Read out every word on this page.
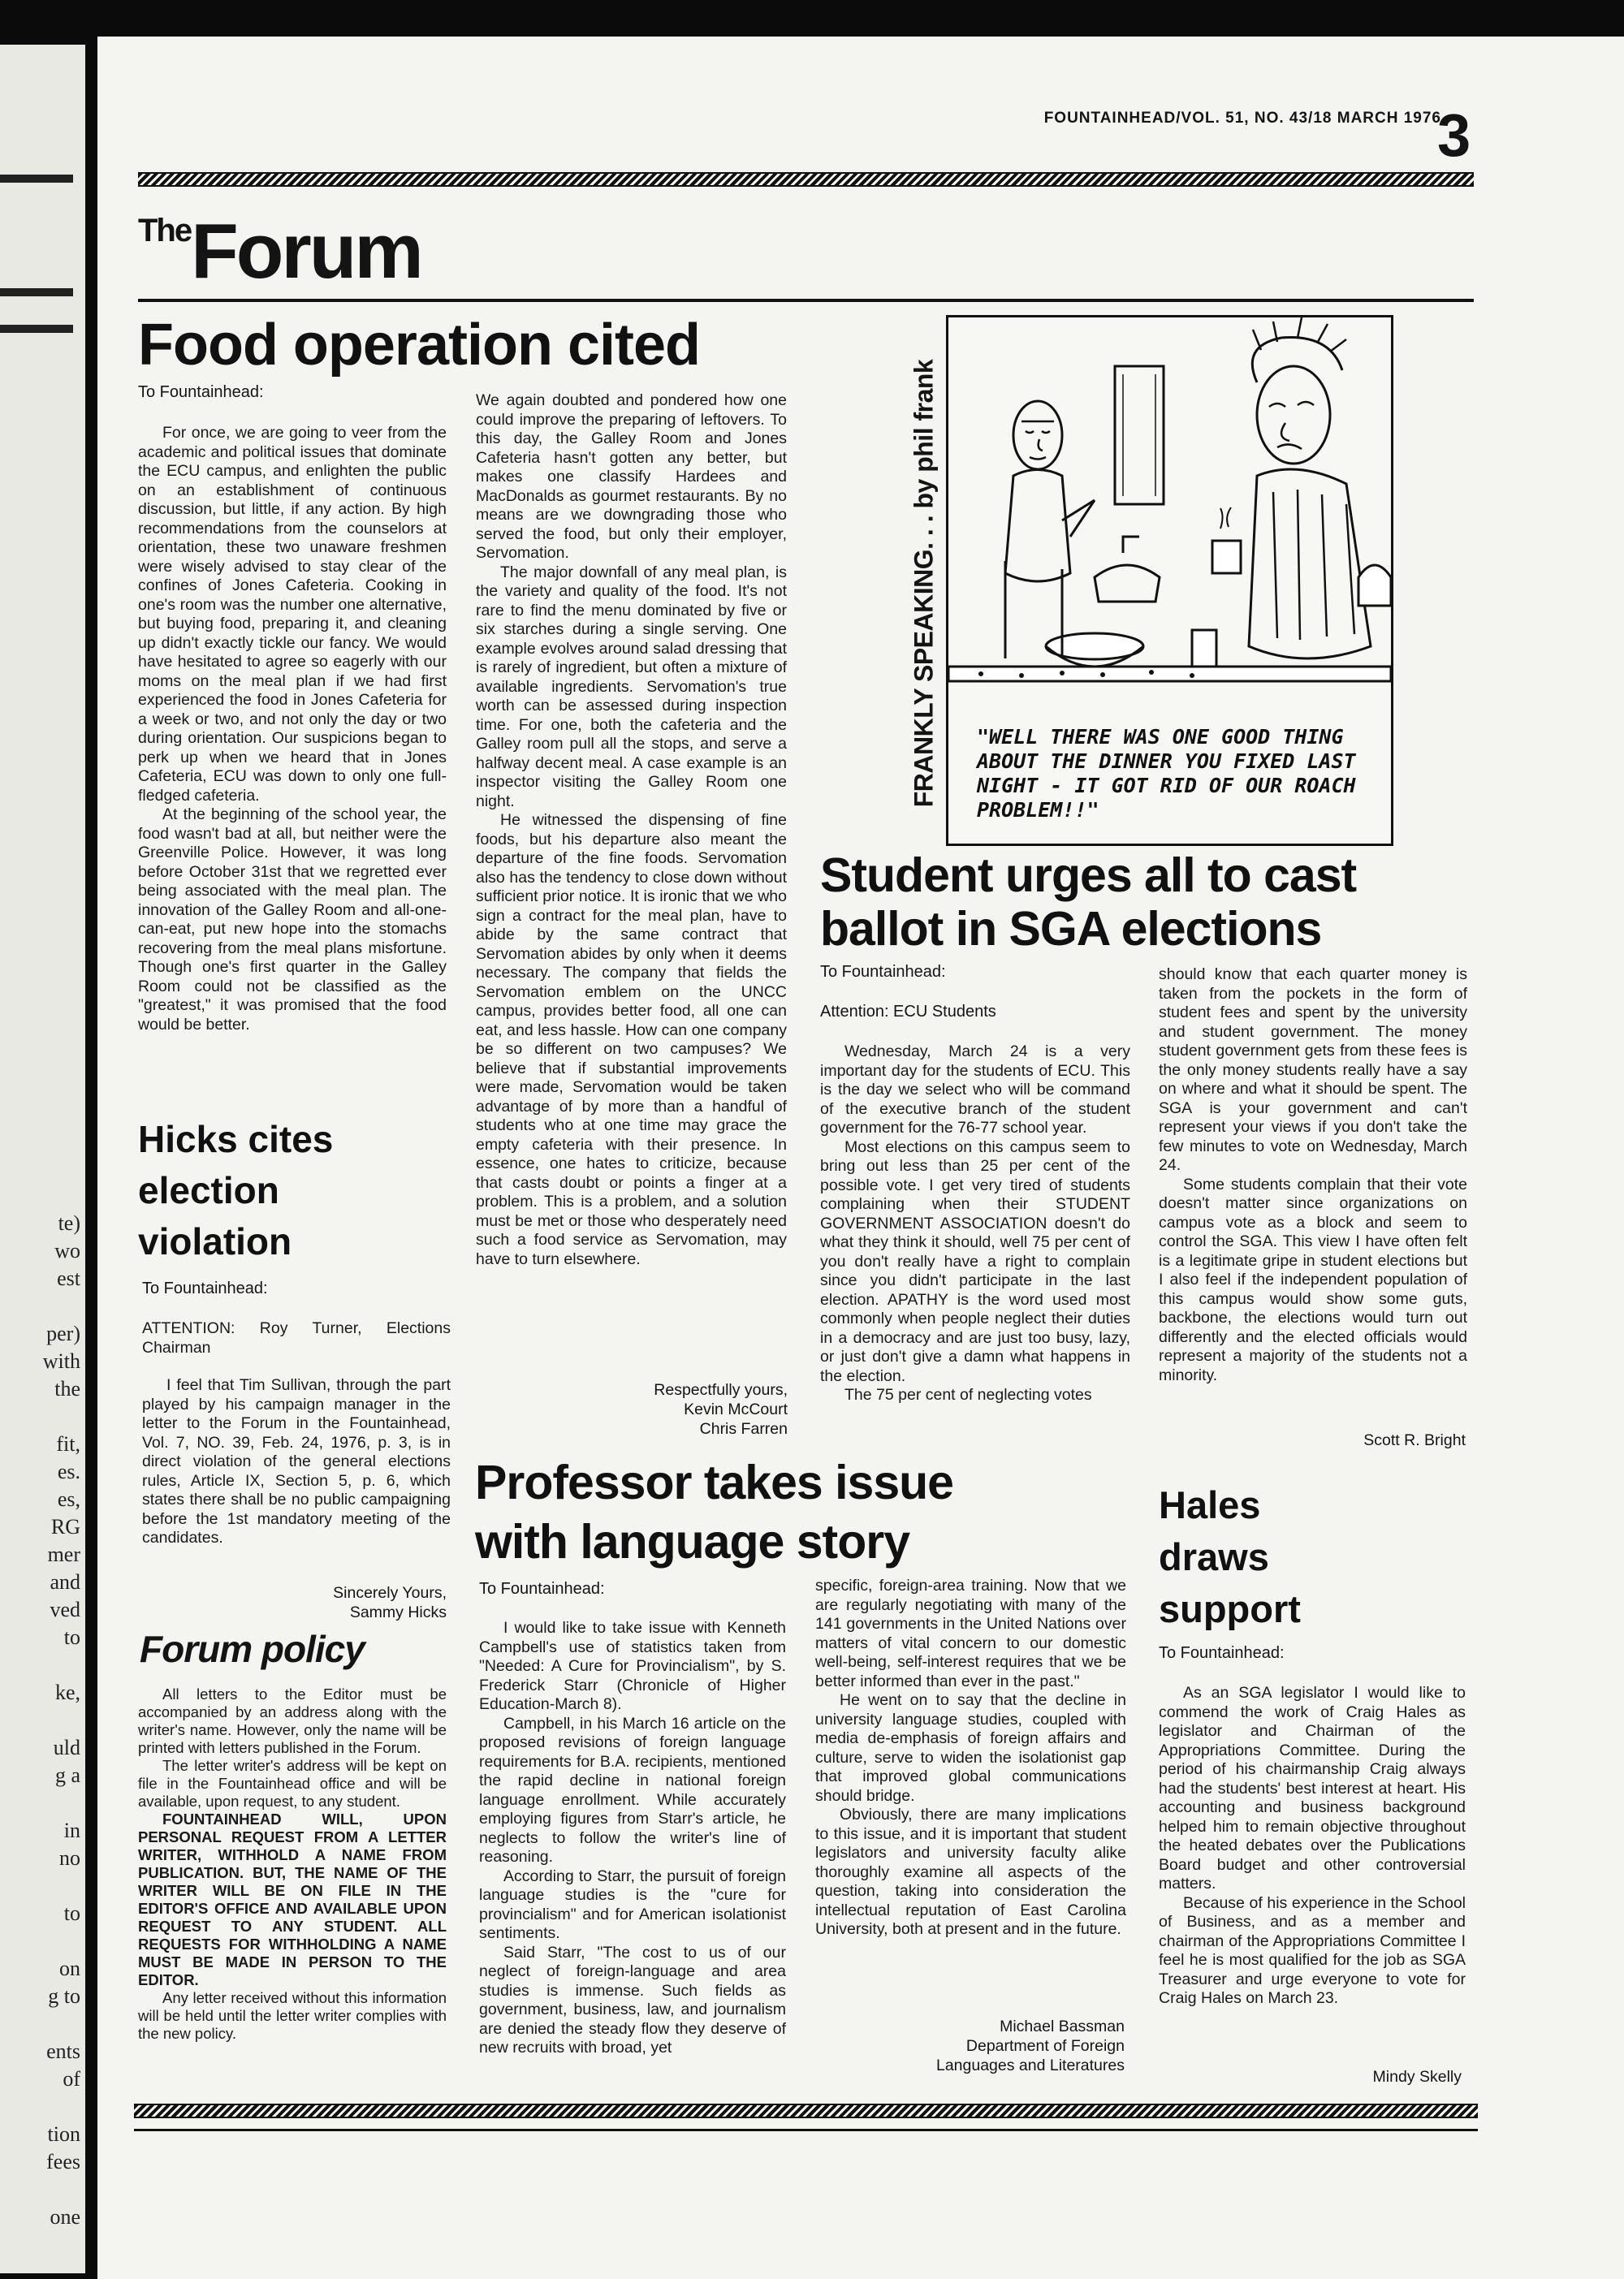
te)
wo
est
per)
with
the
fit,
es.
es,
RG
mer
and
ved
to
ke,
uld
g a
in
no
to
on
g to
ents
of
tion
fees
one
FOUNTAINHEAD/VOL. 51, NO. 43/18 MARCH 1976
3
TheForum
Food operation cited
To Fountainhead:

For once, we are going to veer from the academic and political issues that dominate the ECU campus, and enlighten the public on an establishment of continuous discussion, but little, if any action. By high recommendations from the counselors at orientation, these two unaware freshmen were wisely advised to stay clear of the confines of Jones Cafeteria. Cooking in one's room was the number one alternative, but buying food, preparing it, and cleaning up didn't exactly tickle our fancy. We would have hesitated to agree so eagerly with our moms on the meal plan if we had first experienced the food in Jones Cafeteria for a week or two, and not only the day or two during orientation. Our suspicions began to perk up when we heard that in Jones Cafeteria, ECU was down to only one full-fledged cafeteria.

At the beginning of the school year, the food wasn't bad at all, but neither were the Greenville Police. However, it was long before October 31st that we regretted ever being associated with the meal plan. The innovation of the Galley Room and all-one-can-eat, put new hope into the stomachs recovering from the meal plans misfortune. Though one's first quarter in the Galley Room could not be classified as the "greatest," it was promised that the food would be better.

We again doubted and pondered how one could improve the preparing of leftovers. To this day, the Galley Room and Jones Cafeteria hasn't gotten any better, but makes one classify Hardees and MacDonalds as gourmet restaurants. By no means are we downgrading those who served the food, but only their employer, Servomation.

The major downfall of any meal plan, is the variety and quality of the food. It's not rare to find the menu dominated by five or six starches during a single serving. One example evolves around salad dressing that is rarely of ingredient, but often a mixture of available ingredients. Servomation's true worth can be assessed during inspection time. For one, both the cafeteria and the Galley room pull all the stops, and serve a halfway decent meal. A case example is an inspector visiting the Galley Room one night.

He witnessed the dispensing of fine foods, but his departure also meant the departure of the fine foods. Servomation also has the tendency to close down without sufficient prior notice. It is ironic that we who sign a contract for the meal plan, have to abide by the same contract that Servomation abides by only when it deems necessary. The company that fields the Servomation emblem on the UNCC campus, provides better food, all one can eat, and less hassle. How can one company be so different on two campuses? We believe that if substantial improvements were made, Servomation would be taken advantage of by more than a handful of students who at one time may grace the empty cafeteria with their presence. In essence, one hates to criticize, because that casts doubt or points a finger at a problem. This is a problem, and a solution must be met or those who desperately need such a food service as Servomation, may have to turn elsewhere.

Respectfully yours,
Kevin McCourt
Chris Farren
Hicks cites
election
violation
To Fountainhead:

ATTENTION: Roy Turner, Elections Chairman

I feel that Tim Sullivan, through the part played by his campaign manager in the letter to the Forum in the Fountainhead, Vol. 7, NO. 39, Feb. 24, 1976, p. 3, is in direct violation of the general elections rules, Article IX, Section 5, p. 6, which states there shall be no public campaigning before the 1st mandatory meeting of the candidates.

Sincerely Yours,
Sammy Hicks
Forum policy

All letters to the Editor must be accompanied by an address along with the writer's name. However, only the name will be printed with letters published in the Forum.

The letter writer's address will be kept on file in the Fountainhead office and will be available, upon request, to any student.

FOUNTAINHEAD WILL, UPON PERSONAL REQUEST FROM A LETTER WRITER, WITHHOLD A NAME FROM PUBLICATION. BUT, THE NAME OF THE WRITER WILL BE ON FILE IN THE EDITOR'S OFFICE AND AVAILABLE UPON REQUEST TO ANY STUDENT. ALL REQUESTS FOR WITHHOLDING A NAME MUST BE MADE IN PERSON TO THE EDITOR.

Any letter received without this information will be held until the letter writer complies with the new policy.

FRANKLY SPEAKING. . . by phil frank "WELL THERE WAS ONE GOOD THING
ABOUT THE DINNER YOU FIXED LAST
NIGHT - IT GOT RID OF OUR ROACH
PROBLEM!!"
Student urges all to cast
ballot in SGA elections
To Fountainhead:
Attention: ECU Students

Wednesday, March 24 is a very important day for the students of ECU. This is the day we select who will be command of the executive branch of the student government for the 76-77 school year.

Most elections on this campus seem to bring out less than 25 per cent of the possible vote. I get very tired of students complaining when their STUDENT GOVERNMENT ASSOCIATION doesn't do what they think it should, well 75 per cent of you don't really have a right to complain since you didn't participate in the last election. APATHY is the word used most commonly when people neglect their duties in a democracy and are just too busy, lazy, or just don't give a damn what happens in the election.

The 75 per cent of neglecting votes

should know that each quarter money is taken from the pockets in the form of student fees and spent by the university and student government. The money student government gets from these fees is the only money students really have a say on where and what it should be spent. The SGA is your government and can't represent your views if you don't take the few minutes to vote on Wednesday, March 24.

Some students complain that their vote doesn't matter since organizations on campus vote as a block and seem to control the SGA. This view I have often felt is a legitimate gripe in student elections but I also feel if the independent population of this campus would show some guts, backbone, the elections would turn out differently and the elected officials would represent a majority of the students not a minority.

Scott R. Bright
Professor takes issue
with language story
To Fountainhead:

I would like to take issue with Kenneth Campbell's use of statistics taken from "Needed: A Cure for Provincialism", by S. Frederick Starr (Chronicle of Higher Education-March 8).

Campbell, in his March 16 article on the proposed revisions of foreign language requirements for B.A. recipients, mentioned the rapid decline in national foreign language enrollment. While accurately employing figures from Starr's article, he neglects to follow the writer's line of reasoning.

According to Starr, the pursuit of foreign language studies is the "cure for provincialism" and for American isolationist sentiments.

Said Starr, "The cost to us of our neglect of foreign-language and area studies is immense. Such fields as government, business, law, and journalism are denied the steady flow they deserve of new recruits with broad, yet

specific, foreign-area training. Now that we are regularly negotiating with many of the 141 governments in the United Nations over matters of vital concern to our domestic well-being, self-interest requires that we be better informed than ever in the past."

He went on to say that the decline in university language studies, coupled with media de-emphasis of foreign affairs and culture, serve to widen the isolationist gap that improved global communications should bridge.

Obviously, there are many implications to this issue, and it is important that student legislators and university faculty alike thoroughly examine all aspects of the question, taking into consideration the intellectual reputation of East Carolina University, both at present and in the future.

Michael Bassman
Department of Foreign
Languages and Literatures
Hales
draws
support
To Fountainhead:

As an SGA legislator I would like to commend the work of Craig Hales as legislator and Chairman of the Appropriations Committee. During the period of his chairmanship Craig always had the students' best interest at heart. His accounting and business background helped him to remain objective throughout the heated debates over the Publications Board budget and other controversial matters.

Because of his experience in the School of Business, and as a member and chairman of the Appropriations Committee I feel he is most qualified for the job as SGA Treasurer and urge everyone to vote for Craig Hales on March 23.

Mindy Skelly
